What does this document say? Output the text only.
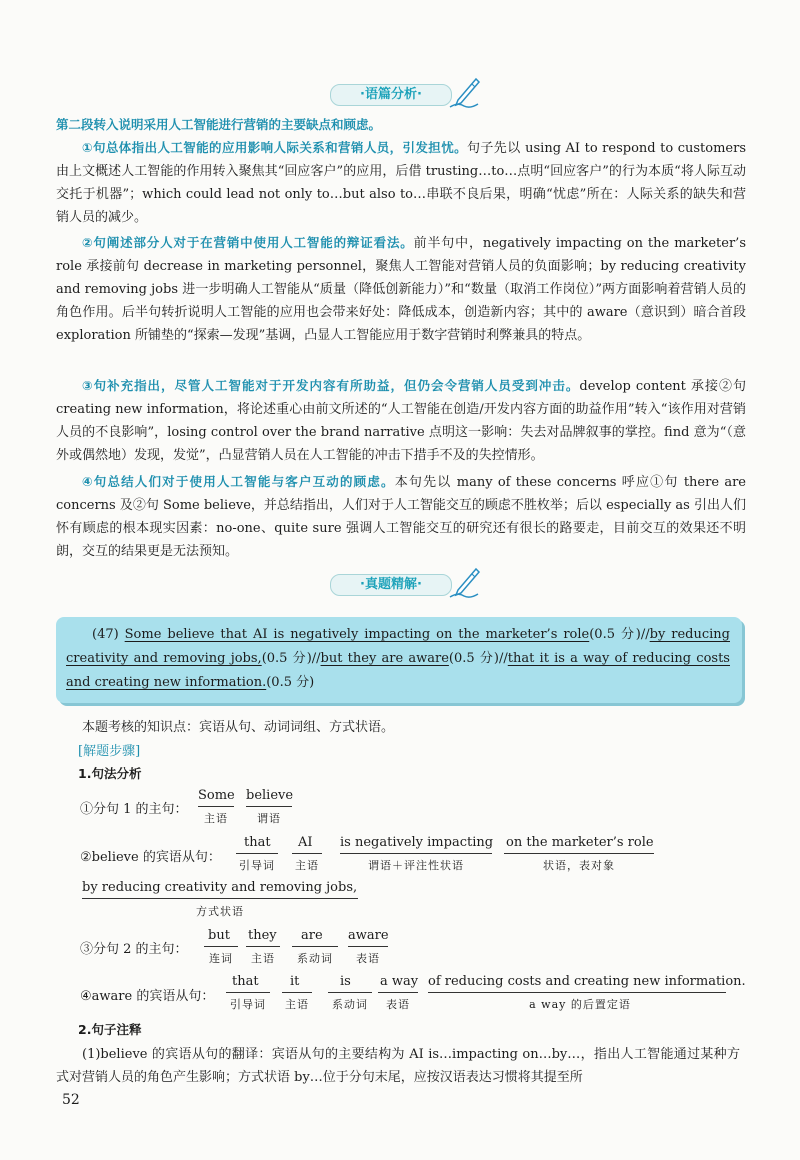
·语篇分析·
第二段转入说明采用人工智能进行营销的主要缺点和顾虑。
①句总体指出人工智能的应用影响人际关系和营销人员，引发担忧。句子先以 using AI to respond to customers 由上文概述人工智能的作用转入聚焦其“回应客户”的应用，后借 trusting…to…点明“回应客户”的行为本质“将人际互动交托于机器”；which could lead not only to…but also to…串联不良后果，明确“忧虑”所在：人际关系的缺失和营销人员的减少。
②句阐述部分人对于在营销中使用人工智能的辩证看法。前半句中，negatively impacting on the marketer’s role 承接前句 decrease in marketing personnel，聚焦人工智能对营销人员的负面影响；by reducing creativity and removing jobs 进一步明确人工智能从“质量（降低创新能力）”和“数量（取消工作岗位）”两方面影响着营销人员的角色作用。后半句转折说明人工智能的应用也会带来好处：降低成本，创造新内容；其中的 aware（意识到）暗合首段 exploration 所铺垫的“探索—发现”基调，凸显人工智能应用于数字营销时利弊兼具的特点。
③句补充指出，尽管人工智能对于开发内容有所助益，但仍会令营销人员受到冲击。develop content 承接②句 creating new information，将论述重心由前文所述的“人工智能在创造/开发内容方面的助益作用”转入“该作用对营销人员的不良影响”，losing control over the brand narrative 点明这一影响：失去对品牌叙事的掌控。find 意为“（意外或偶然地）发现，发觉”，凸显营销人员在人工智能的冲击下措手不及的失控情形。
④句总结人们对于使用人工智能与客户互动的顾虑。本句先以 many of these concerns 呼应①句 there are concerns 及②句 Some believe，并总结指出，人们对于人工智能交互的顾虑不胜枚举；后以 especially as 引出人们怀有顾虑的根本现实因素：no-one、quite sure 强调人工智能交互的研究还有很长的路要走，目前交互的效果还不明朗，交互的结果更是无法预知。
·真题精解·
(47) Some believe that AI is negatively impacting on the marketer’s role(0.5 分)//by reducing creativity and removing jobs,(0.5 分)//but they are aware(0.5 分)//that it is a way of reducing costs and creating new information.(0.5 分)
本题考核的知识点：宾语从句、动词词组、方式状语。
[解题步骤]
1.句法分析
①分句 1 的主句：
Some
主语
believe
谓语
②believe 的宾语从句：
that
引导词
AI
主语
is negatively impacting
谓语＋评注性状语
on the marketer’s role
状语，表对象
by reducing creativity and removing jobs,
方式状语
③分句 2 的主句：
but
连词
they
主语
are
系动词
aware
表语
④aware 的宾语从句：
that
引导词
it
主语
is
系动词
a way
表语
of reducing costs and creating new information.
a way 的后置定语
2.句子注释
(1)believe 的宾语从句的翻译：宾语从句的主要结构为 AI is…impacting on…by…，指出人工智能通过某种方式对营销人员的角色产生影响；方式状语 by…位于分句末尾，应按汉语表达习惯将其提至所
52
